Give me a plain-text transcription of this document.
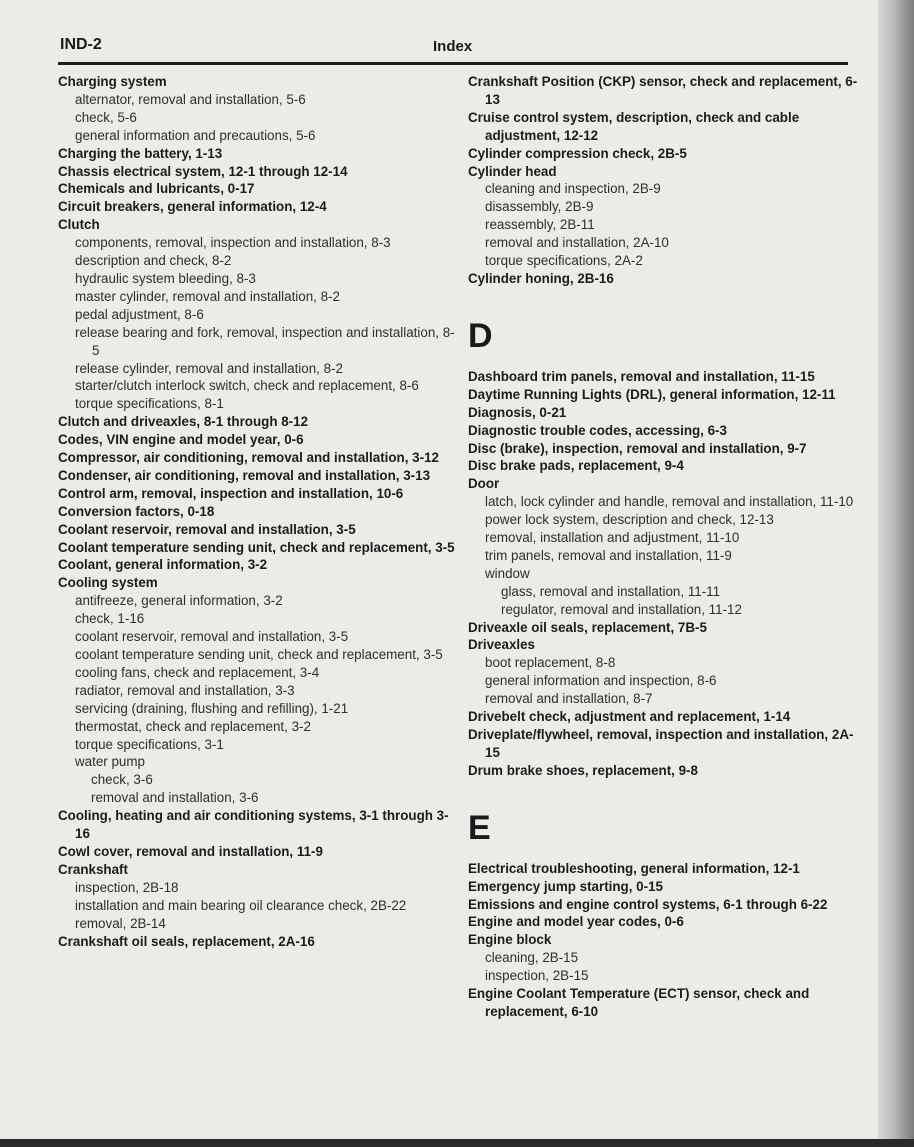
IND-2	Index

Charging system

alternator, removal and installation, 5-6

check, 5-6

general information and precautions, 5-6

Charging the battery, 1-13

Chassis electrical system, 12-1 through 12-14

Chemicals and lubricants, 0-17

Circuit breakers, general information, 12-4

Clutch

components, removal, inspection and installation, 8-3

description and check, 8-2

hydraulic system bleeding, 8-3

master cylinder, removal and installation, 8-2

pedal adjustment, 8-6

release bearing and fork, removal, inspection and installation, 8-5

release cylinder, removal and installation, 8-2

starter/clutch interlock switch, check and replacement, 8-6

torque specifications, 8-1

Clutch and driveaxles, 8-1 through 8-12

Codes, VIN engine and model year, 0-6

Compressor, air conditioning, removal and installation, 3-12

Condenser, air conditioning, removal and installation, 3-13

Control arm, removal, inspection and installation, 10-6

Conversion factors, 0-18

Coolant reservoir, removal and installation, 3-5

Coolant temperature sending unit, check and replacement, 3-5

Coolant, general information, 3-2

Cooling system

antifreeze, general information, 3-2

check, 1-16

coolant reservoir, removal and installation, 3-5

coolant temperature sending unit, check and replacement, 3-5

cooling fans, check and replacement, 3-4

radiator, removal and installation, 3-3

servicing (draining, flushing and refilling), 1-21

thermostat, check and replacement, 3-2

torque specifications, 3-1

water pump

check, 3-6

removal and installation, 3-6

Cooling, heating and air conditioning systems, 3-1 through 3-16

Cowl cover, removal and installation, 11-9

Crankshaft

inspection, 2B-18

installation and main bearing oil clearance check, 2B-22

removal, 2B-14

Crankshaft oil seals, replacement, 2A-16

Crankshaft Position (CKP) sensor, check and replacement, 6-13

Cruise control system, description, check and cable adjustment, 12-12

Cylinder compression check, 2B-5

Cylinder head

cleaning and inspection, 2B-9

disassembly, 2B-9

reassembly, 2B-11

removal and installation, 2A-10

torque specifications, 2A-2

Cylinder honing, 2B-16

D

Dashboard trim panels, removal and installation, 11-15

Daytime Running Lights (DRL), general information, 12-11

Diagnosis, 0-21

Diagnostic trouble codes, accessing, 6-3

Disc (brake), inspection, removal and installation, 9-7

Disc brake pads, replacement, 9-4

Door

latch, lock cylinder and handle, removal and installation, 11-10

power lock system, description and check, 12-13

removal, installation and adjustment, 11-10

trim panels, removal and installation, 11-9

window

glass, removal and installation, 11-11

regulator, removal and installation, 11-12

Driveaxle oil seals, replacement, 7B-5

Driveaxles

boot replacement, 8-8

general information and inspection, 8-6

removal and installation, 8-7

Drivebelt check, adjustment and replacement, 1-14

Driveplate/flywheel, removal, inspection and installation, 2A-15

Drum brake shoes, replacement, 9-8

E

Electrical troubleshooting, general information, 12-1

Emergency jump starting, 0-15

Emissions and engine control systems, 6-1 through 6-22

Engine and model year codes, 0-6

Engine block

cleaning, 2B-15

inspection, 2B-15

Engine Coolant Temperature (ECT) sensor, check and replacement, 6-10
